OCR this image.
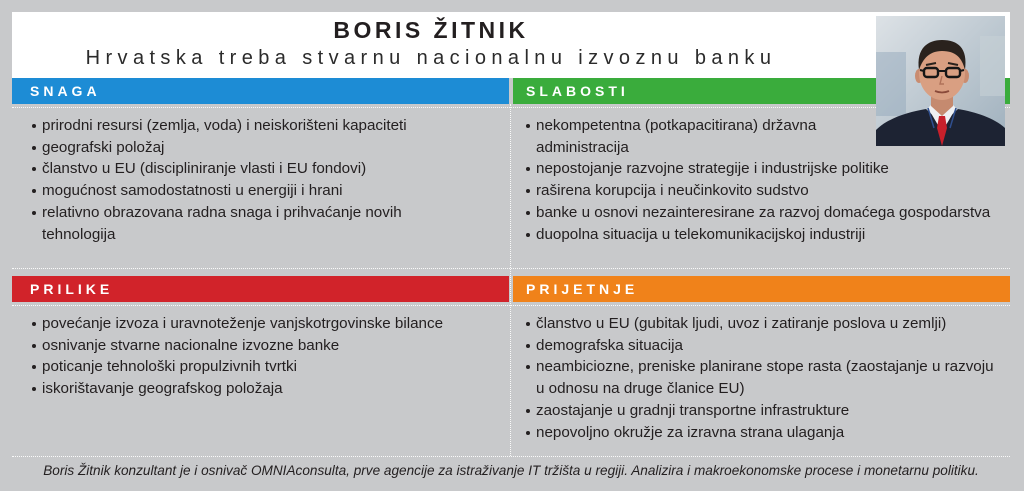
BORIS ŽITNIK
Hrvatska treba stvarnu nacionalnu izvoznu banku
SNAGA	SLABOSTI
PRILIKE	PRIJETNJE
prirodni resursi (zemlja, voda) i neiskorišteni kapaciteti
geografski položaj
članstvo u EU (discipliniranje vlasti i EU fondovi)
mogućnost samodostatnosti u energiji i hrani
relativno obrazovana radna snaga i prihvaćanje novih
tehnologija
nekompetentna (potkapacitirana) državna
administracija
nepostojanje razvojne strategije i industrijske politike
raširena korupcija i neučinkovito sudstvo
banke u osnovi nezainteresirane za razvoj domaćega gospodarstva
duopolna situacija u telekomunikacijskoj industriji
povećanje izvoza i uravnoteženje vanjskotrgovinske bilance
osnivanje stvarne nacionalne izvozne banke
poticanje tehnološki propulzivnih tvrtki
iskorištavanje geografskog položaja
članstvo u EU (gubitak ljudi, uvoz i zatiranje poslova u zemlji)
demografska situacija
neambiciozne, preniske planirane stope rasta (zaostajanje u razvoju
u odnosu na druge članice EU)
zaostajanje u gradnji transportne infrastrukture
nepovoljno okružje za izravna strana ulaganja
Boris Žitnik konzultant je i osnivač OMNIAconsulta, prve agencije za istraživanje IT tržišta u regiji. Analizira i makroekonomske procese i monetarnu politiku.
